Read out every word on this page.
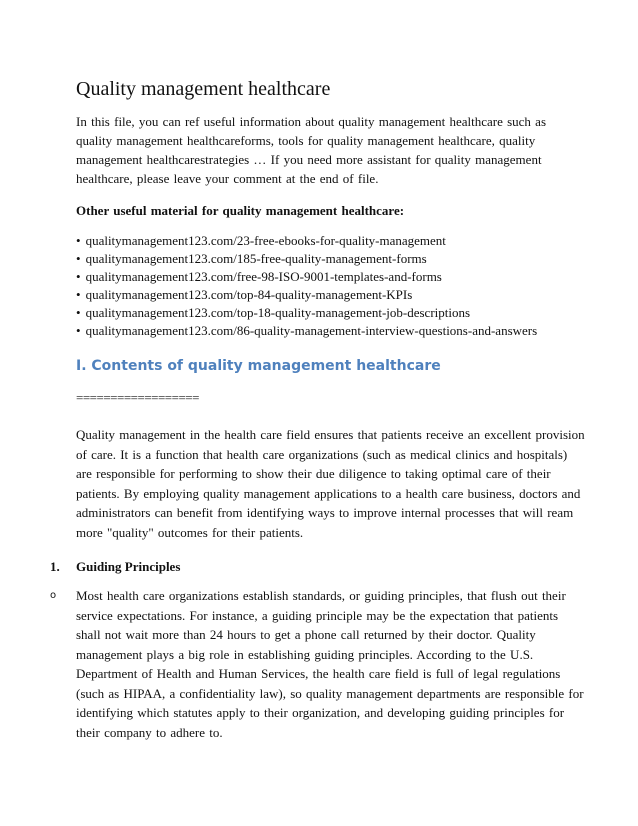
Quality management healthcare

In this file, you can ref useful information about quality management healthcare such as quality management healthcareforms, tools for quality management healthcare, quality management healthcarestrategies … If you need more assistant for quality management healthcare, please leave your comment at the end of file.

Other useful material for quality management healthcare:

• qualitymanagement123.com/23-free-ebooks-for-quality-management
• qualitymanagement123.com/185-free-quality-management-forms
• qualitymanagement123.com/free-98-ISO-9001-templates-and-forms
• qualitymanagement123.com/top-84-quality-management-KPIs
• qualitymanagement123.com/top-18-quality-management-job-descriptions
• qualitymanagement123.com/86-quality-management-interview-questions-and-answers
I. Contents of quality management healthcare
==================

Quality management in the health care field ensures that patients receive an excellent provision of care. It is a function that health care organizations (such as medical clinics and hospitals) are responsible for performing to show their due diligence to taking optimal care of their patients. By employing quality management applications to a health care business, doctors and administrators can benefit from identifying ways to improve internal processes that will ream more "quality" outcomes for their patients.

1. Guiding Principles

o Most health care organizations establish standards, or guiding principles, that flush out their service expectations. For instance, a guiding principle may be the expectation that patients shall not wait more than 24 hours to get a phone call returned by their doctor. Quality management plays a big role in establishing guiding principles. According to the U.S. Department of Health and Human Services, the health care field is full of legal regulations (such as HIPAA, a confidentiality law), so quality management departments are responsible for identifying which statutes apply to their organization, and developing guiding principles for their company to adhere to.
